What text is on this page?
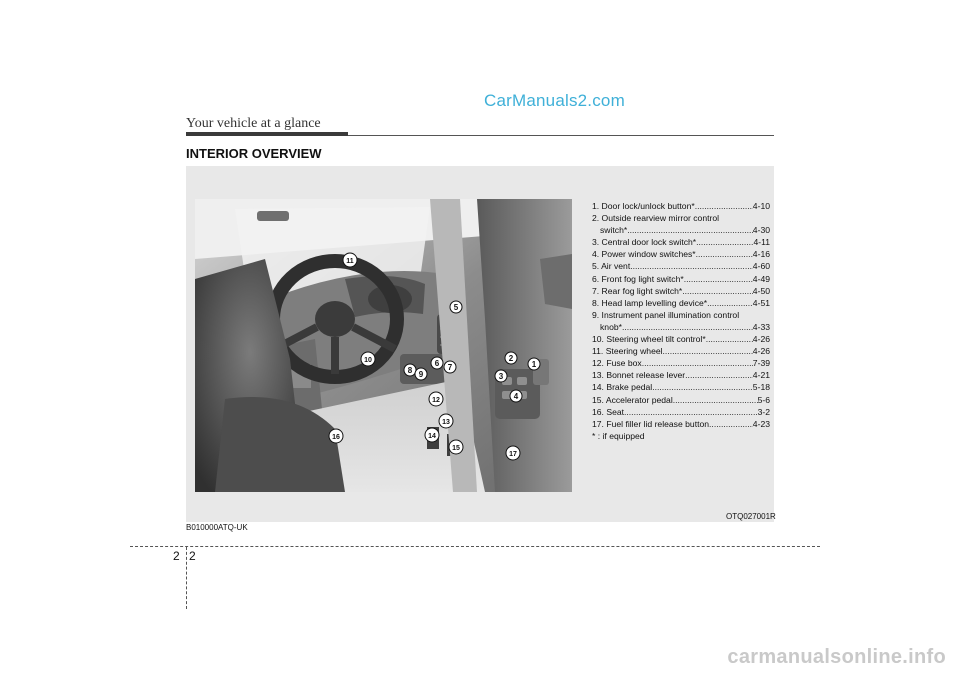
CarManuals2.com
Your vehicle at a glance
INTERIOR OVERVIEW
1
2
3
4
5
6 7
8 9
10
11
12
13
14
15
16
17
1. Door lock/unlock button* .....	4-10
2. Outside rearview mirror control
switch* .....	4-30
3. Central door lock switch* .....	4-11
4. Power window switches* .....	4-16
5. Air vent .....	4-60
6. Front fog light switch* .....	4-49
7. Rear fog light switch* .....	4-50
8. Head lamp levelling device* .....	4-51
9. Instrument panel illumination control
knob* .....	4-33
10. Steering wheel tilt control* .....	4-26
11. Steering wheel .....	4-26
12. Fuse box .....	7-39
13. Bonnet release lever .....	4-21
14. Brake pedal .....	5-18
15. Accelerator pedal .....	5-6
16. Seat .....	3-2
17. Fuel filler lid release button .....	4-23
* : if equipped
OTQ027001R
B010000ATQ-UK
2 2
carmanualsonline.info
